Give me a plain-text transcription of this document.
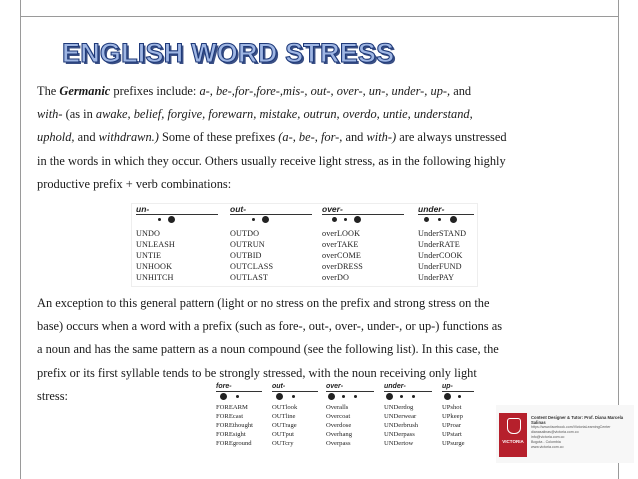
ENGLISH WORD STRESS

The Germanic prefixes include: a-, be-,for-,fore-,mis-, out-, over-, un-, under-, up-, and
with- (as in awake, belief, forgive, forewarn, mistake, outrun, overdo, untie, understand, uphold, and withdrawn.) Some of these prefixes (a-, be-, for-, and with-) are always unstressed in the words in which they occur. Others usually receive light stress, as in the following highly productive prefix + verb combinations:

un-
UNDO
UNLEASH
UNTIE
UNHOOK
UNHITCH
out-
OUTDO
OUTRUN
OUTBID
OUTCLASS
OUTLAST
over-
overLOOK
overTAKE
overCOME
overDRESS
overDO
under-
UnderSTAND
UnderRATE
UnderCOOK
UnderFUND
UnderPAY

An exception to this general pattern (light or no stress on the prefix and strong stress on the base) occurs when a word with a prefix (such as fore-, out-, over-, under-, or up-) functions as a noun and has the same pattern as a noun compound (see the following list). In this case, the prefix or its first syllable tends to be strongly stressed, with the noun receiving only light stress:

fore-
FOREARM
FOREcast
FOREthought
FOREsight
FOREground
out-
OUTlook
OUTline
OUTrage
OUTput
OUTcry
over-
Overalls
Overcoat
Overdose
Overhang
Overpass
under-
UNDerdog
UNDerwear
UNDerbrush
UNDerpass
UNDertow
up-
UPshot
UPkeep
UProar
UPstart
UPsurge	VICTORIA
Content Designer & Tutor: Prof. Diana Marcela Salinas
https://www.facebook.com/VictoriaLearningCenter
dianasalinas@victoria.com.co
info@victoria.com.co
Bogota - Colombia
www.victoria.com.co
